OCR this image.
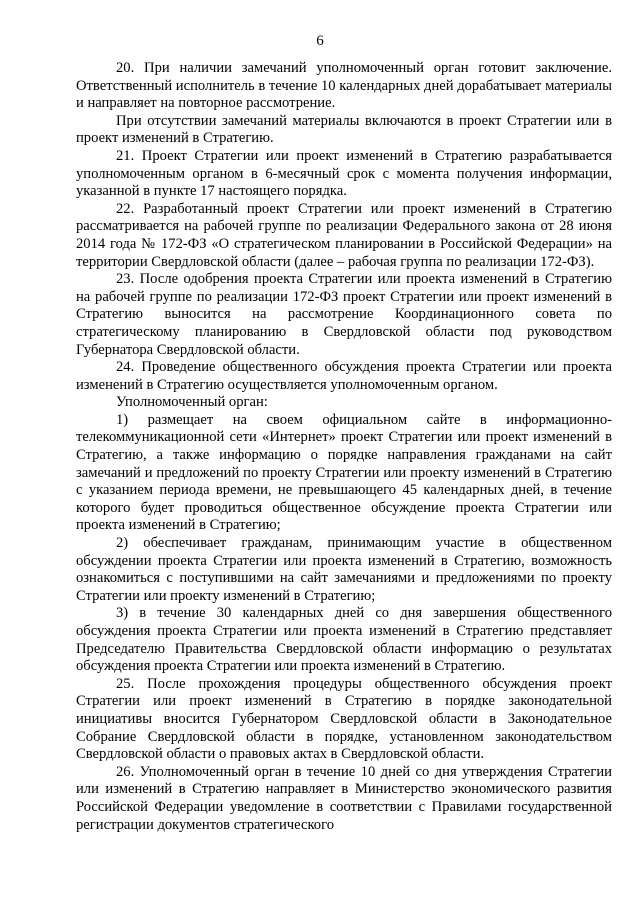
6

20. При наличии замечаний уполномоченный орган готовит заключение. Ответственный исполнитель в течение 10 календарных дней дорабатывает материалы и направляет на повторное рассмотрение.

При отсутствии замечаний материалы включаются в проект Стратегии или в проект изменений в Стратегию.

21. Проект Стратегии или проект изменений в Стратегию разрабатывается уполномоченным органом в 6-месячный срок с момента получения информации, указанной в пункте 17 настоящего порядка.

22. Разработанный проект Стратегии или проект изменений в Стратегию рассматривается на рабочей группе по реализации Федерального закона от 28 июня 2014 года № 172-ФЗ «О стратегическом планировании в Российской Федерации» на территории Свердловской области (далее – рабочая группа по реализации 172-ФЗ).

23. После одобрения проекта Стратегии или проекта изменений в Стратегию на рабочей группе по реализации 172-ФЗ проект Стратегии или проект изменений в Стратегию выносится на рассмотрение Координационного совета по стратегическому планированию в Свердловской области под руководством Губернатора Свердловской области.

24. Проведение общественного обсуждения проекта Стратегии или проекта изменений в Стратегию осуществляется уполномоченным органом.

Уполномоченный орган:

1) размещает на своем официальном сайте в информационно-телекоммуникационной сети «Интернет» проект Стратегии или проект изменений в Стратегию, а также информацию о порядке направления гражданами на сайт замечаний и предложений по проекту Стратегии или проекту изменений в Стратегию с указанием периода времени, не превышающего 45 календарных дней, в течение которого будет проводиться общественное обсуждение проекта Стратегии или проекта изменений в Стратегию;

2) обеспечивает гражданам, принимающим участие в общественном обсуждении проекта Стратегии или проекта изменений в Стратегию, возможность ознакомиться с поступившими на сайт замечаниями и предложениями по проекту Стратегии или проекту изменений в Стратегию;

3) в течение 30 календарных дней со дня завершения общественного обсуждения проекта Стратегии или проекта изменений в Стратегию представляет Председателю Правительства Свердловской области информацию о результатах обсуждения проекта Стратегии или проекта изменений в Стратегию.

25. После прохождения процедуры общественного обсуждения проект Стратегии или проект изменений в Стратегию в порядке законодательной инициативы вносится Губернатором Свердловской области в Законодательное Собрание Свердловской области в порядке, установленном законодательством Свердловской области о правовых актах в Свердловской области.

26. Уполномоченный орган в течение 10 дней со дня утверждения Стратегии или изменений в Стратегию направляет в Министерство экономического развития Российской Федерации уведомление в соответствии с Правилами государственной регистрации документов стратегического
